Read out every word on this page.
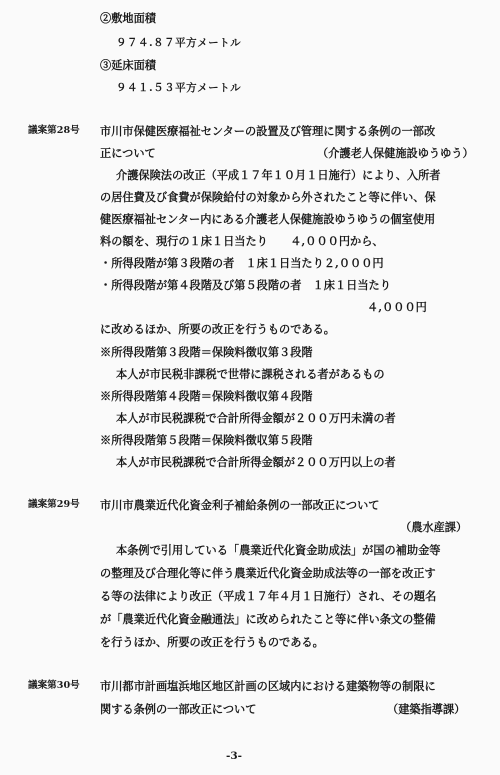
②敷地面積
９７４.８７平方メートル
③延床面積
９４１.５３平方メートル
議案第28号 市川市保健医療福祉センターの設置及び管理に関する条例の一部改
正について	（介護老人保健施設ゆうゆう）
介護保険法の改正（平成１７年１０月１日施行）により、入所者
の居住費及び食費が保険給付の対象から外されたこと等に伴い、保
健医療福祉センター内にある介護老人保健施設ゆうゆうの個室使用
料の額を、現行の１床１日当たり　　４,０００円から、
・所得段階が第３段階の者　１床１日当たり２,０００円
・所得段階が第４段階及び第５段階の者　１床１日当たり
４,０００円
に改めるほか、所要の改正を行うものである。
※所得段階第３段階＝保険料徴収第３段階
本人が市民税非課税で世帯に課税される者があるもの
※所得段階第４段階＝保険料徴収第４段階
本人が市民税課税で合計所得金額が２００万円未満の者
※所得段階第５段階＝保険料徴収第５段階
本人が市民税課税で合計所得金額が２００万円以上の者
議案第29号 市川市農業近代化資金利子補給条例の一部改正について
（農水産課）
本条例で引用している「農業近代化資金助成法」が国の補助金等
の整理及び合理化等に伴う農業近代化資金助成法等の一部を改正す
る等の法律により改正（平成１７年４月１日施行）され、その題名
が「農業近代化資金融通法」に改められたこと等に伴い条文の整備
を行うほか、所要の改正を行うものである。
議案第30号 市川都市計画塩浜地区地区計画の区域内における建築物等の制限に
関する条例の一部改正について	（建築指導課）
-3-
